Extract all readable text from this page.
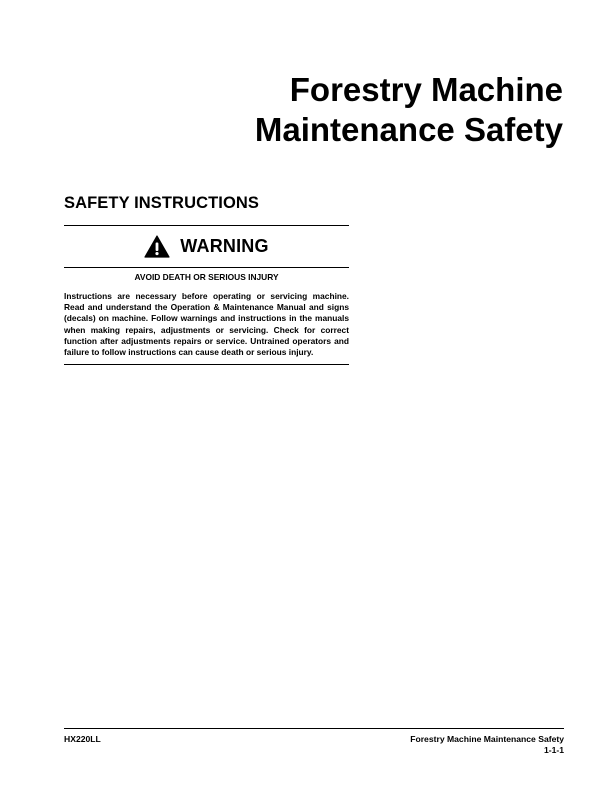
Forestry Machine
Maintenance Safety
SAFETY INSTRUCTIONS
WARNING
AVOID DEATH OR SERIOUS INJURY
Instructions are necessary before operating or servicing machine. Read and understand the Operation & Maintenance Manual and signs (decals) on machine. Follow warnings and instructions in the manuals when making repairs, adjustments or servicing. Check for correct function after adjustments repairs or service. Untrained operators and failure to follow instructions can cause death or serious injury.
HX220LL	Forestry Machine Maintenance Safety
1-1-1
